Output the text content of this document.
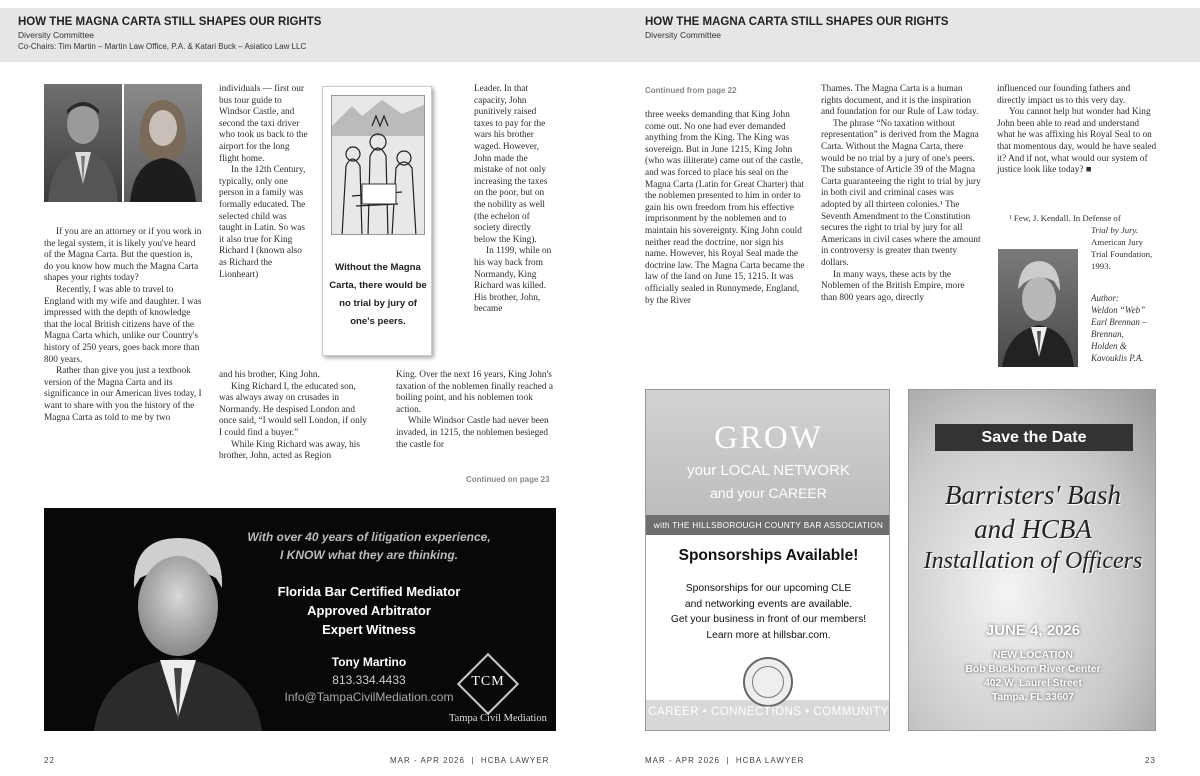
HOW THE MAGNA CARTA STILL SHAPES OUR RIGHTS
Diversity Committee
Co-Chairs: Tim Martin – Martin Law Office, P.A. & Katari Buck – Asiatico Law LLC

If you are an attorney or if you work in the legal system, it is likely you've heard of the Magna Carta. But the question is, do you know how much the Magna Carta shapes your rights today?

Recently, I was able to travel to England with my wife and daughter. I was impressed with the depth of knowledge that the local British citizens have of the Magna Carta which, unlike our Country's history of 250 years, goes back more than 800 years.

Rather than give you just a textbook version of the Magna Carta and its significance in our American lives today, I want to share with you the history of the Magna Carta as told to me by two

individuals — first our bus tour guide to Windsor Castle, and second the taxi driver who took us back to the airport for the long flight home.

In the 12th Century, typically, only one person in a family was formally educated. The selected child was taught in Latin. So was it also true for King Richard I (known also as Richard the Lionheart)

and his brother, King John.

King Richard I, the educated son, was always away on crusades in Normandy. He despised London and once said, “I would sell London, if only I could find a buyer.”

While King Richard was away, his brother, John, acted as Region

Without the Magna Carta, there would be no trial by jury of one's peers.

Leader. In that capacity, John punitively raised taxes to pay for the wars his brother waged. However, John made the mistake of not only increasing the taxes on the poor, but on the nobility as well (the echelon of society directly below the King).

In 1199, while on his way back from Normandy, King Richard was killed. His brother, John, became

King. Over the next 16 years, King John's taxation of the noblemen finally reached a boiling point, and his noblemen took action.

While Windsor Castle had never been invaded, in 1215, the noblemen besieged the castle for

Continued on page 23
With over 40 years of litigation experience,
I KNOW what they are thinking.
Florida Bar Certified Mediator
Approved Arbitrator
Expert Witness
Tony Martino
813.334.4433
Info@TampaCivilMediation.com
TCM
Tampa Civil Mediation
22	MAR - APR 2026  |  HCBA LAWYER
HOW THE MAGNA CARTA STILL SHAPES OUR RIGHTS
Diversity Committee
Continued from page 22

three weeks demanding that King John come out. No one had ever demanded anything from the King. The King was sovereign. But in June 1215, King John (who was illiterate) came out of the castle, and was forced to place his seal on the Magna Carta (Latin for Great Charter) that the noblemen presented to him in order to gain his own freedom from his effective imprisonment by the noblemen and to maintain his sovereignty. King John could neither read the doctrine, nor sign his name. However, his Royal Seal made the doctrine law. The Magna Carta became the law of the land on June 15, 1215. It was officially sealed in Runnymede, England, by the River

Thames. The Magna Carta is a human rights document, and it is the inspiration and foundation for our Rule of Law today.

The phrase “No taxation without representation” is derived from the Magna Carta. Without the Magna Carta, there would be no trial by a jury of one's peers. The substance of Article 39 of the Magna Carta guaranteeing the right to trial by jury in both civil and criminal cases was adopted by all thirteen colonies.¹ The Seventh Amendment to the Constitution secures the right to trial by jury for all Americans in civil cases where the amount in controversy is greater than twenty dollars.

In many ways, these acts by the Noblemen of the British Empire, more than 800 years ago, directly

influenced our founding fathers and directly impact us to this very day.

You cannot help but wonder had King John been able to read and understand what he was affixing his Royal Seal to on that momentous day, would he have sealed it? And if not, what would our system of justice look like today? ■

¹ Few, J. Kendall. In Defense of
Trial by Jury.
American Jury
Trial Foundation,
1993.
Author:
Weldon “Web”
Earl Brennan –
Brennan,
Holden &
Kavouklis P.A.
GROW
your LOCAL NETWORK
and your CAREER
with THE HILLSBOROUGH COUNTY BAR ASSOCIATION
Sponsorships Available!
Sponsorships for our upcoming CLE
and networking events are available.
Get your business in front of our members!
Learn more at hillsbar.com.
CAREER • CONNECTIONS • COMMUNITY
Save the Date
Barristers' Bash
and HCBA
Installation of Officers
JUNE 4, 2026
NEW LOCATION
Bob Buckhorn River Center
402 W. Laurel Street
Tampa, FL 33607
MAR - APR 2026  |  HCBA LAWYER	23
